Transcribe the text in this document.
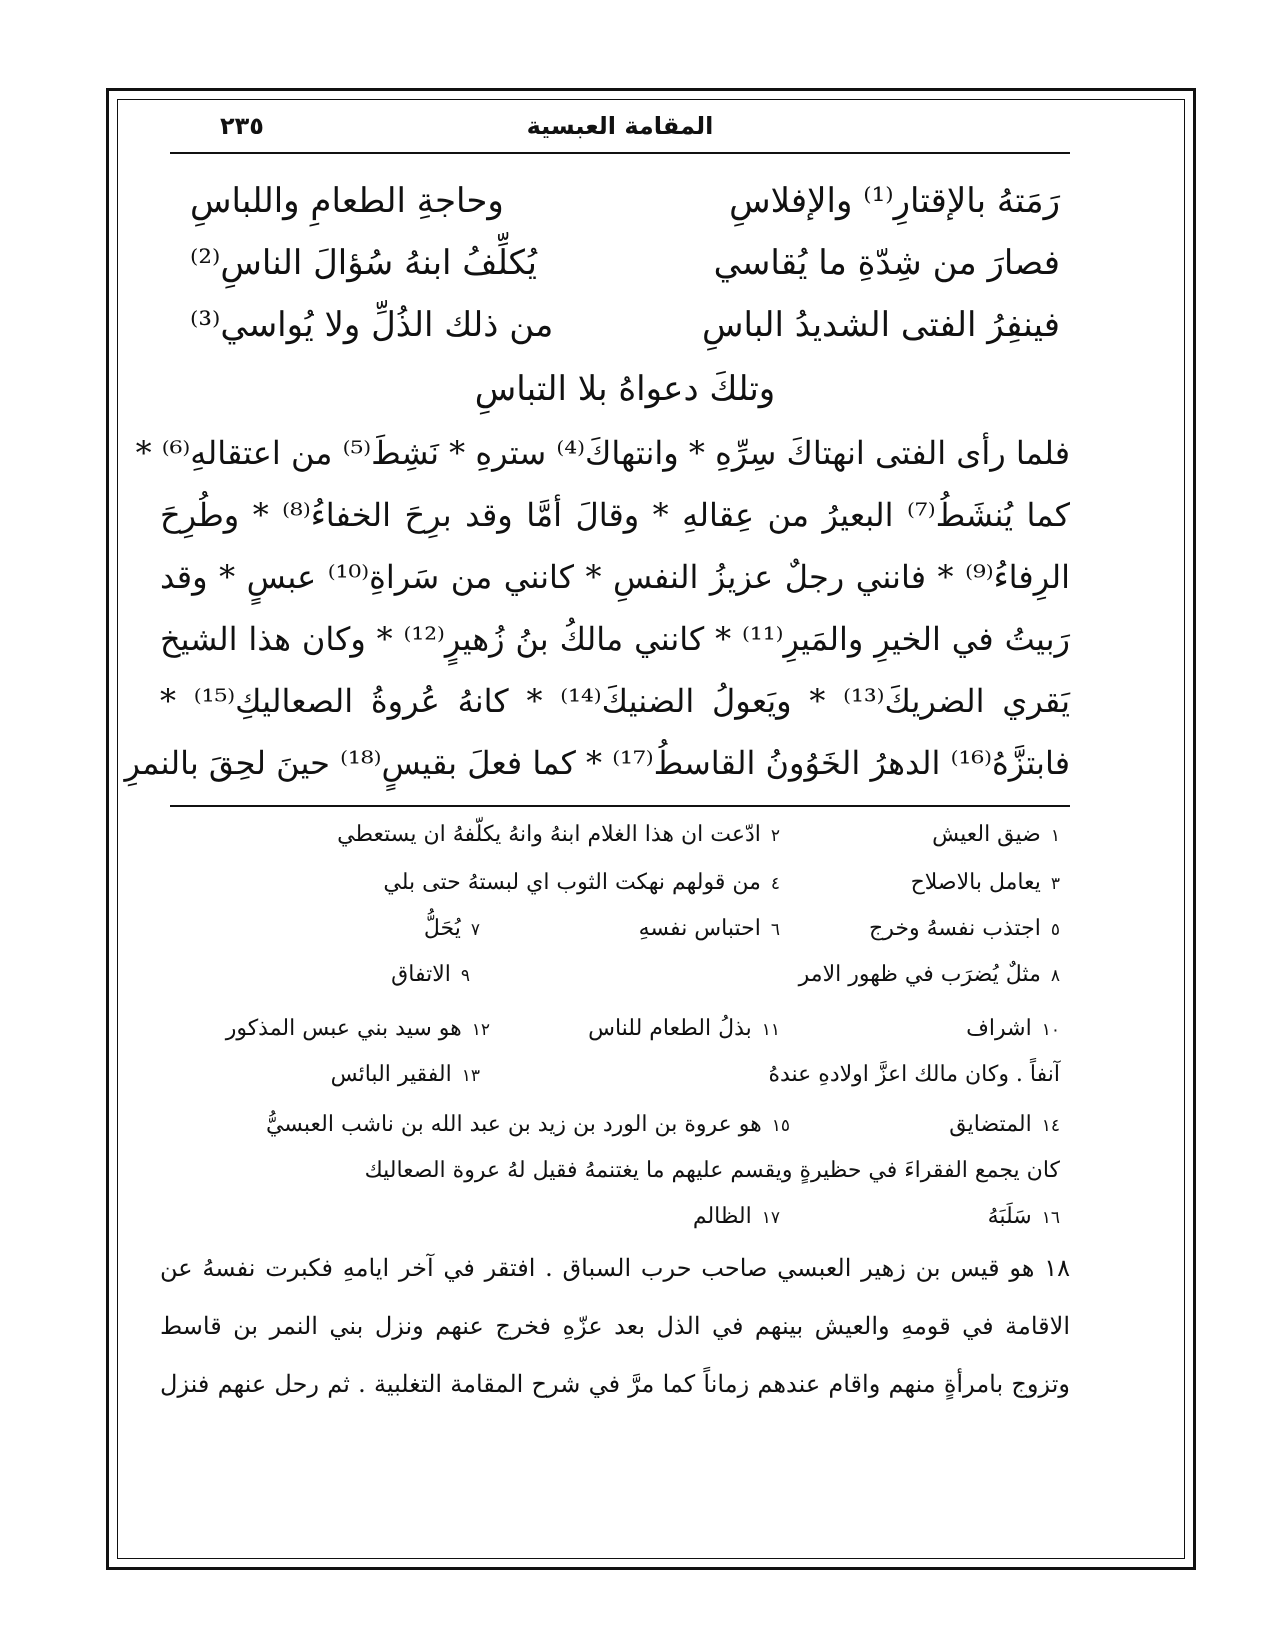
المقامة العبسية
٢٣٥
رَمَتهُ بالإقتارِ⁽¹⁾ والإفلاسِ
وحاجةِ الطعامِ واللباسِ
فصارَ من شِدّةِ ما يُقاسي
يُكلِّفُ ابنهُ سُؤالَ الناسِ⁽²⁾
فينفِرُ الفتى الشديدُ الباسِ
من ذلك الذُلِّ ولا يُواسي⁽³⁾
وتلكَ دعواهُ بلا التباسِ
فلما رأى الفتى انهتاكَ سِرِّهِ * وانتهاكَ⁽⁴⁾ سترهِ * نَشِطَ⁽⁵⁾ من اعتقالهِ⁽⁶⁾ *
كما يُنشَطُ⁽⁷⁾ البعيرُ من عِقالهِ * وقالَ أمَّا وقد برِحَ الخفاءُ⁽⁸⁾ * وطُرِحَ
الرِفاءُ⁽⁹⁾ * فانني رجلٌ عزيزُ النفسِ * كانني من سَراةِ⁽¹⁰⁾ عبسٍ * وقد
رَبيتُ في الخيرِ والمَيرِ⁽¹¹⁾ * كانني مالكُ بنُ زُهيرٍ⁽¹²⁾ * وكان هذا الشيخ
يَقري الضريكَ⁽¹³⁾ * ويَعولُ الضنيكَ⁽¹⁴⁾ * كانهُ عُروةُ الصعاليكِ⁽¹⁵⁾ *
فابتزَّهُ⁽¹⁶⁾ الدهرُ الخَوُونُ القاسطُ⁽¹⁷⁾ * كما فعلَ بقيسٍ⁽¹⁸⁾ حينَ لحِقَ بالنمرِ
١ضيق العيش
٢ادّعت ان هذا الغلام ابنهُ وانهُ يكلّفهُ ان يستعطي
٣يعامل بالاصلاح
٤من قولهم نهكت الثوب اي لبستهُ حتى بلي
٥اجتذب نفسهُ وخرج
٦احتباس نفسهِ
٧يُحَلُّ
٨مثلٌ يُضرَب في ظهور الامر
٩الاتفاق
١٠اشراف
١١بذلُ الطعام للناس
١٢هو سيد بني عبس المذكور
آنفاً . وكان مالك اعزَّ اولادهِ عندهُ
١٣الفقير البائس
١٤المتضايق
١٥هو عروة بن الورد بن زيد بن عبد الله بن ناشب العبسيُّ
كان يجمع الفقراءَ في حظيرةٍ ويقسم عليهم ما يغتنمهُ فقيل لهُ عروة الصعاليك
١٦سَلَبَهُ
١٧الظالم
١٨ هو قيس بن زهير العبسي صاحب حرب السباق . افتقر في آخر ايامهِ فكبرت نفسهُ عن
الاقامة في قومهِ والعيش بينهم في الذل بعد عزّهِ فخرج عنهم ونزل بني النمر بن قاسط
وتزوج بامرأةٍ منهم واقام عندهم زماناً كما مرَّ في شرح المقامة التغلبية . ثم رحل عنهم فنزل
